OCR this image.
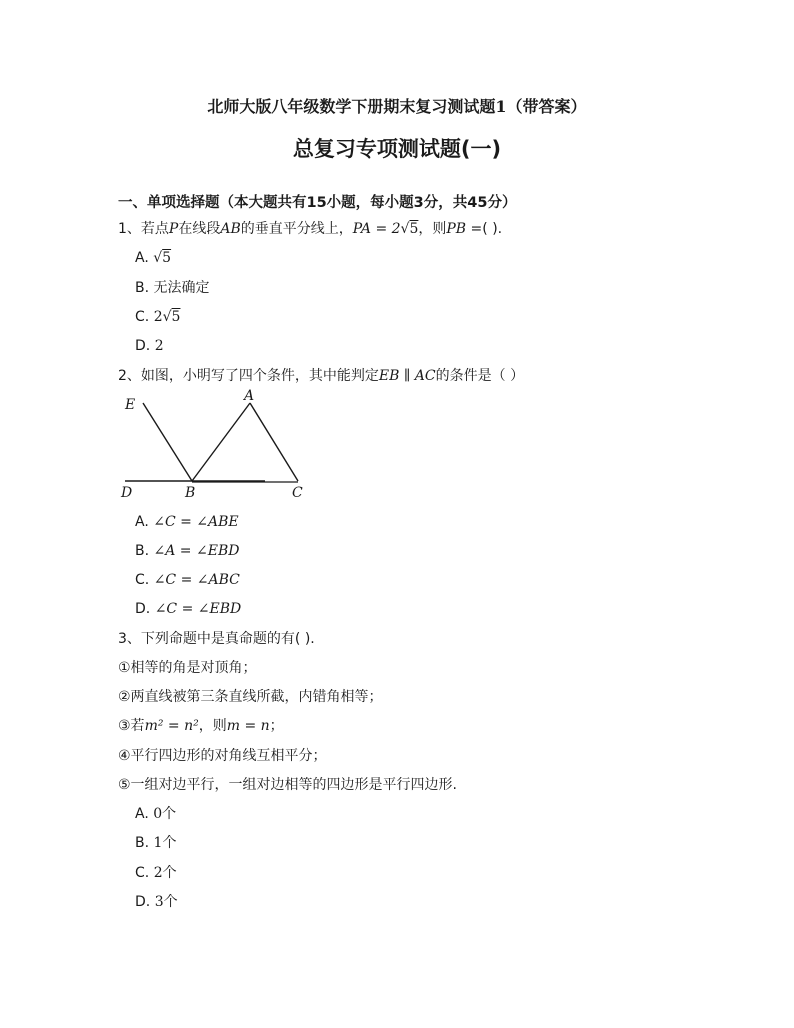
北师大版八年级数学下册期末复习测试题1（带答案）
总复习专项测试题(一)
一、单项选择题（本大题共有15小题，每小题3分，共45分）
1、若点P在线段AB的垂直平分线上，PA = 2√5，则PB =( ).
A. √5
B. 无法确定
C. 2√5
D. 2
2、如图，小明写了四个条件，其中能判定EB ∥ AC的条件是（ ）
E
A
D	B	C
A. ∠C = ∠ABE
B. ∠A = ∠EBD
C. ∠C = ∠ABC
D. ∠C = ∠EBD
3、下列命题中是真命题的有( ).
①相等的角是对顶角；
②两直线被第三条直线所截，内错角相等；
③若m² = n²，则m = n；
④平行四边形的对角线互相平分；
⑤一组对边平行，一组对边相等的四边形是平行四边形.
A. 0个
B. 1个
C. 2个
D. 3个
